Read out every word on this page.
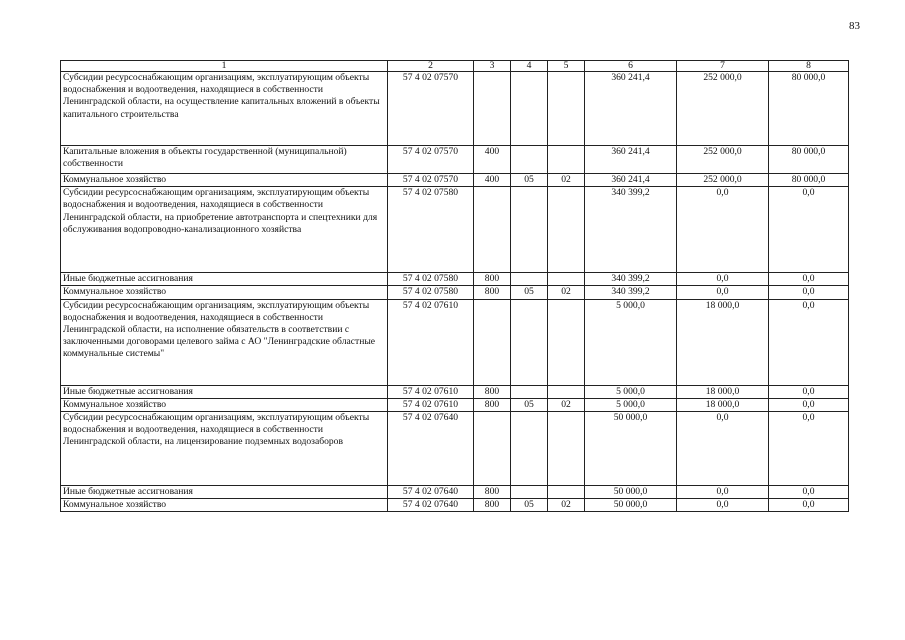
83
1	2	3	4	5	6	7	8
Субсидии ресурсоснабжающим организациям, эксплуатирующим объекты водоснабжения и водоотведения, находящиеся в собственности Ленинградской области, на осуществление капитальных вложений в объекты капитального строительства	57 4 02 07570				360 241,4	252 000,0	80 000,0
Капитальные вложения в объекты государственной (муниципальной) собственности	57 4 02 07570	400			360 241,4	252 000,0	80 000,0
Коммунальное хозяйство	57 4 02 07570	400	05	02	360 241,4	252 000,0	80 000,0
Субсидии ресурсоснабжающим организациям, эксплуатирующим объекты водоснабжения и водоотведения, находящиеся в собственности Ленинградской области, на приобретение автотранспорта и спецтехники для обслуживания водопроводно-канализационного хозяйства	57 4 02 07580				340 399,2	0,0	0,0
Иные бюджетные ассигнования	57 4 02 07580	800			340 399,2	0,0	0,0
Коммунальное хозяйство	57 4 02 07580	800	05	02	340 399,2	0,0	0,0
Субсидии ресурсоснабжающим организациям, эксплуатирующим объекты водоснабжения и водоотведения, находящиеся в собственности Ленинградской области, на исполнение обязательств в соответствии с заключенными договорами целевого займа с АО "Ленинградские областные коммунальные системы"	57 4 02 07610				5 000,0	18 000,0	0,0
Иные бюджетные ассигнования	57 4 02 07610	800			5 000,0	18 000,0	0,0
Коммунальное хозяйство	57 4 02 07610	800	05	02	5 000,0	18 000,0	0,0
Субсидии ресурсоснабжающим организациям, эксплуатирующим объекты водоснабжения и водоотведения, находящиеся в собственности Ленинградской области, на лицензирование подземных водозаборов	57 4 02 07640				50 000,0	0,0	0,0
Иные бюджетные ассигнования	57 4 02 07640	800			50 000,0	0,0	0,0
Коммунальное хозяйство	57 4 02 07640	800	05	02	50 000,0	0,0	0,0
